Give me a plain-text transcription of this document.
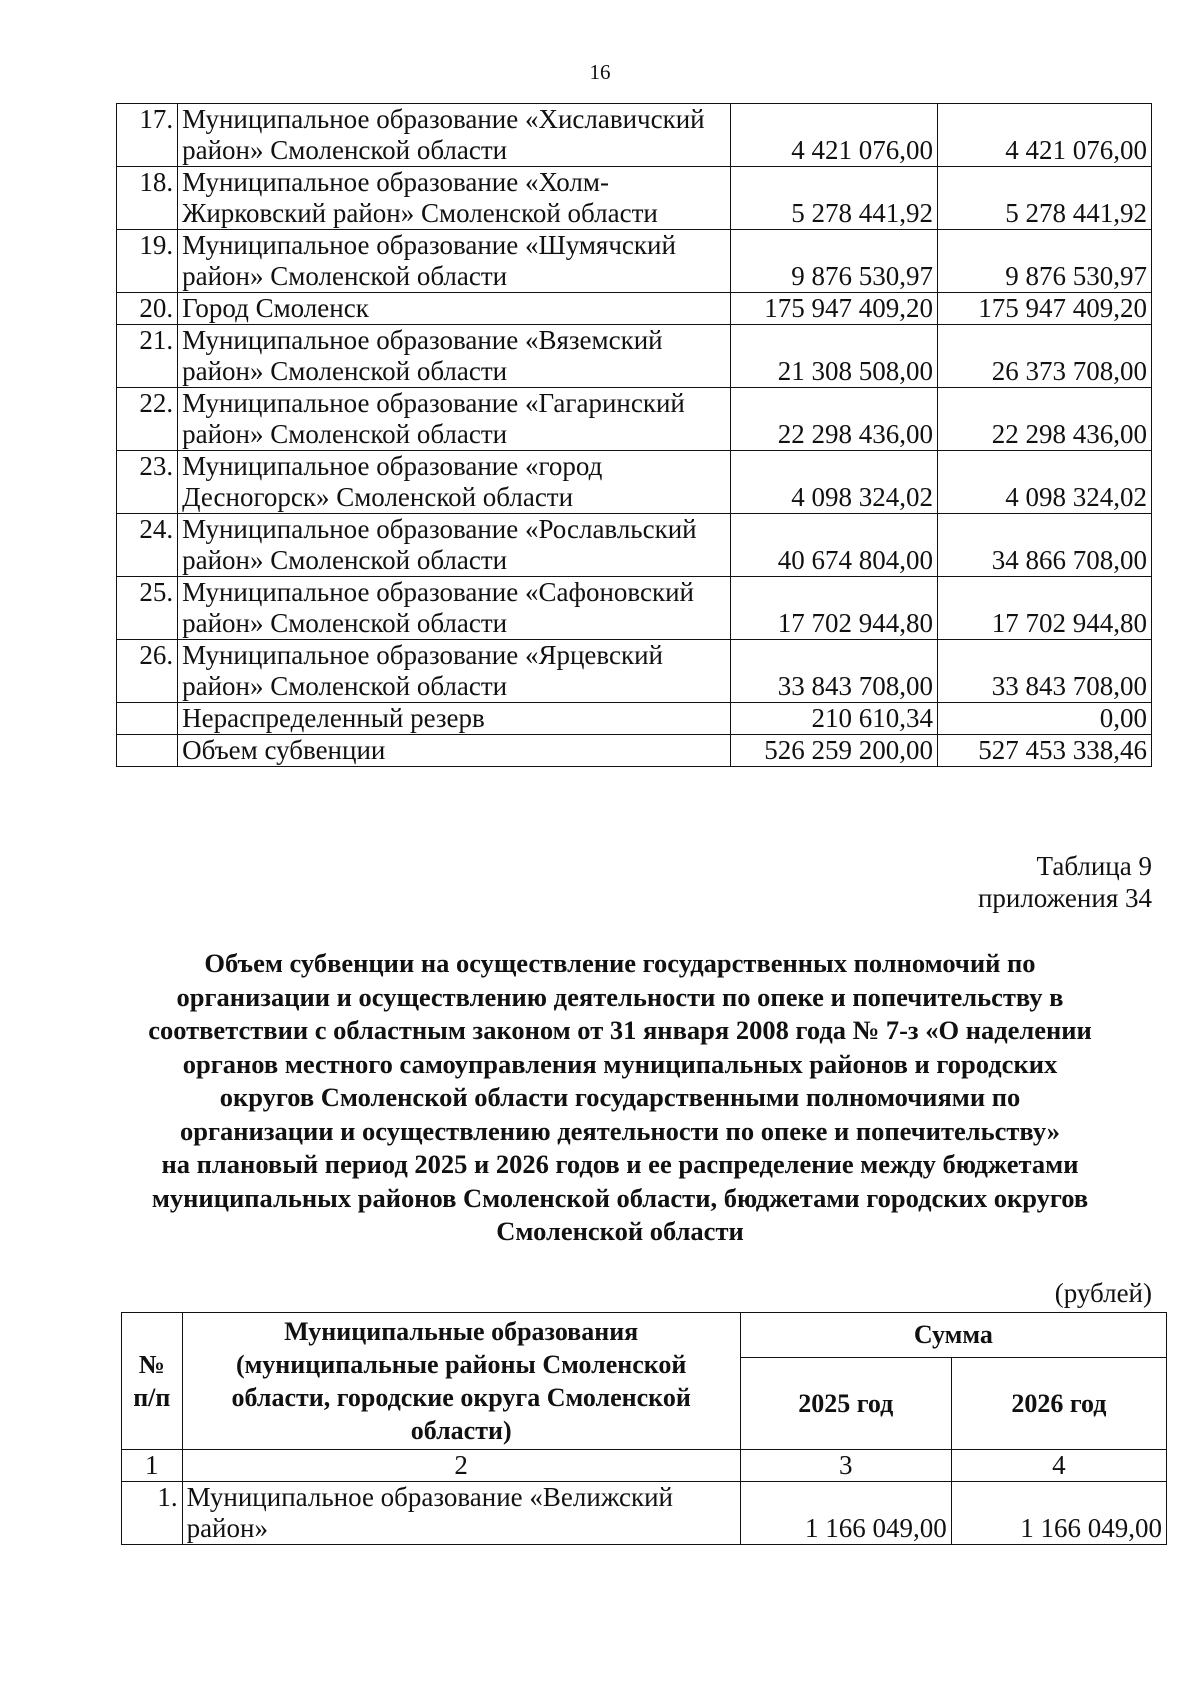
16
17.	Муниципальное образование «Хиславичский район» Смоленской области	4 421 076,00	4 421 076,00
18.	Муниципальное образование «Холм-Жирковский район» Смоленской области	5 278 441,92	5 278 441,92
19.	Муниципальное образование «Шумячский район» Смоленской области	9 876 530,97	9 876 530,97
20.	Город Смоленск	175 947 409,20	175 947 409,20
21.	Муниципальное образование «Вяземский район» Смоленской области	21 308 508,00	26 373 708,00
22.	Муниципальное образование «Гагаринский район» Смоленской области	22 298 436,00	22 298 436,00
23.	Муниципальное образование «город Десногорск» Смоленской области	4 098 324,02	4 098 324,02
24.	Муниципальное образование «Рославльский район» Смоленской области	40 674 804,00	34 866 708,00
25.	Муниципальное образование «Сафоновский район» Смоленской области	17 702 944,80	17 702 944,80
26.	Муниципальное образование «Ярцевский район» Смоленской области	33 843 708,00	33 843 708,00
	Нераспределенный резерв	210 610,34	0,00
	Объем субвенции	526 259 200,00	527 453 338,46
Таблица 9
приложения 34
Объем субвенции на осуществление государственных полномочий по
организации и осуществлению деятельности по опеке и попечительству в
соответствии с областным законом от 31 января 2008 года № 7-з «О наделении
органов местного самоуправления муниципальных районов и городских
округов Смоленской области государственными полномочиями по
организации и осуществлению деятельности по опеке и попечительству»
на плановый период 2025 и 2026 годов и ее распределение между бюджетами
муниципальных районов Смоленской области, бюджетами городских округов
Смоленской области
(рублей)
№ п/п	Муниципальные образования (муниципальные районы Смоленской области, городские округа Смоленской области)	Сумма	
		2025 год	2026 год
1	2	3	4
1.	Муниципальное образование «Велижский район»	1 166 049,00	1 166 049,00
